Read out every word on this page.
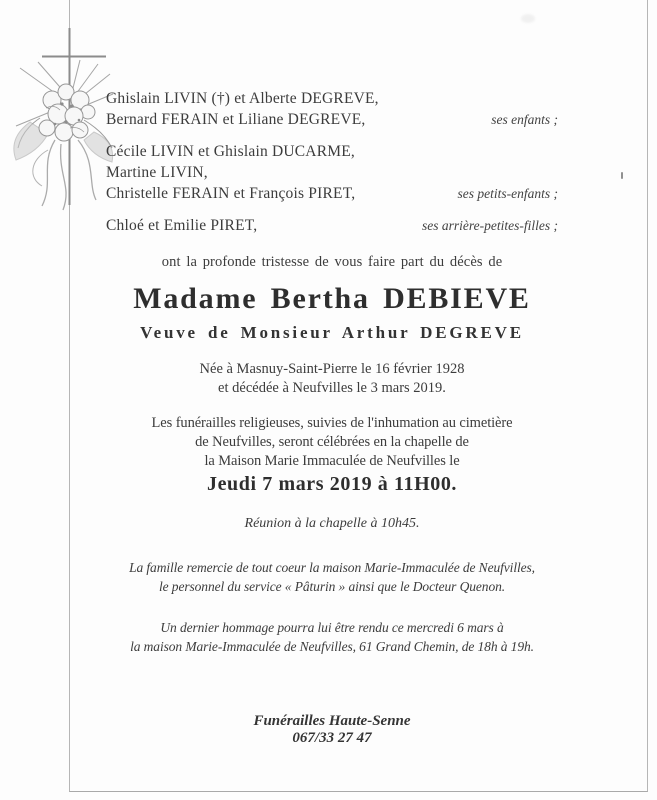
Ghislain LIVIN (†) et Alberte DEGREVE,
Bernard FERAIN et Liliane DEGREVE,	ses enfants ;
Cécile LIVIN et Ghislain DUCARME,
Martine LIVIN,
Christelle FERAIN et François PIRET,	ses petits-enfants ;
Chloé et Emilie PIRET,	ses arrière-petites-filles ;
ont la profonde tristesse de vous faire part du décès de
Madame Bertha DEBIEVE
Veuve de Monsieur Arthur DEGREVE
Née à Masnuy-Saint-Pierre le 16 février 1928
et décédée à Neufvilles le 3 mars 2019.
Les funérailles religieuses, suivies de l'inhumation au cimetière
de Neufvilles, seront célébrées en la chapelle de
la Maison Marie Immaculée de Neufvilles le
Jeudi 7 mars 2019 à 11H00.
Réunion à la chapelle à 10h45.
La famille remercie de tout coeur la maison Marie-Immaculée de Neufvilles,
le personnel du service « Pâturin » ainsi que le Docteur Quenon.
Un dernier hommage pourra lui être rendu ce mercredi 6 mars à
la maison Marie-Immaculée de Neufvilles, 61 Grand Chemin, de 18h à 19h.
Funérailles Haute-Senne
067/33 27 47
